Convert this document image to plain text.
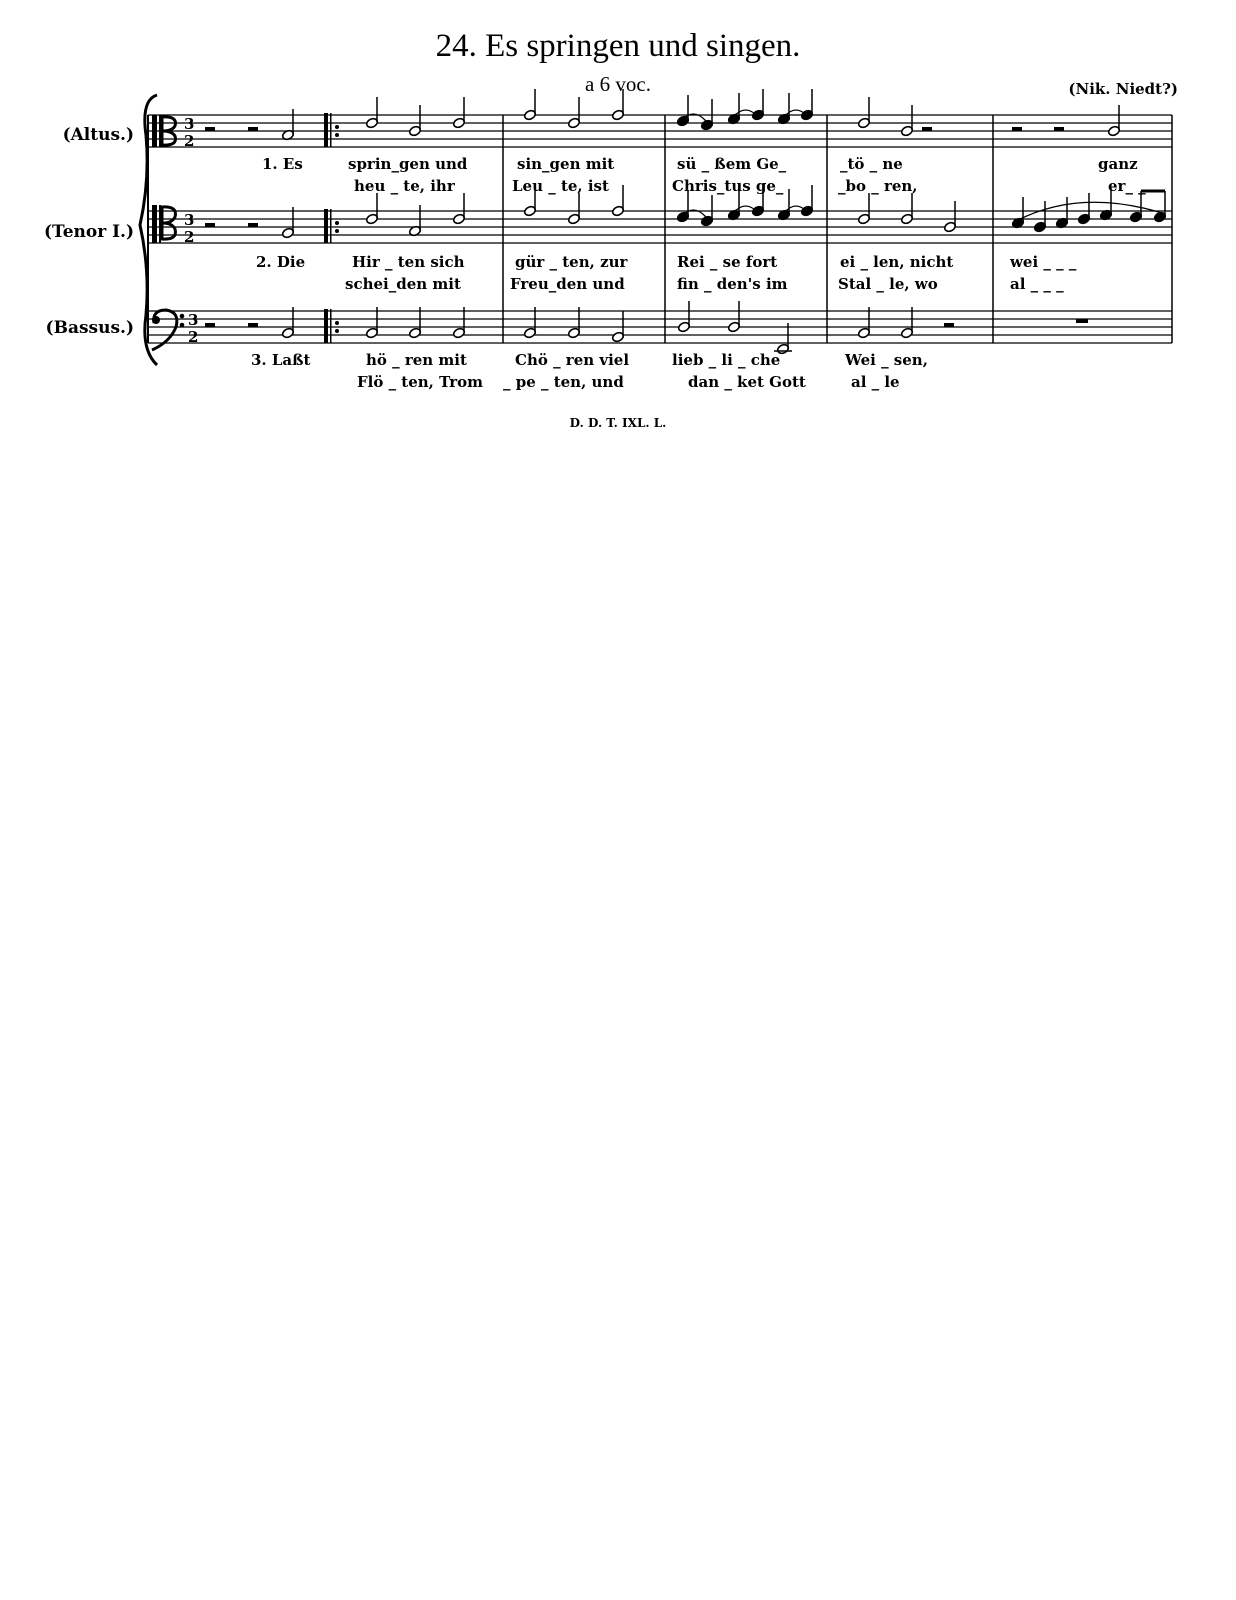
24. Es springen und singen.
a 6 voc.	(Nik. Niedt?)
(Altus.)
(Tenor I.)
(Bassus.)
3
2
3
2
3
2
1. Es	sprin_gen und	sin_gen mit	sü _ ßem Ge_	_tö _ ne	ganz
heu _ te, ihr	Leu _ te, ist	Chris_tus ge_	_bo _ ren,	er_ _
2. Die	Hir _ ten sich	gür _ ten, zur	Rei _ se fort	ei _ len, nicht	wei _ _ _
schei_den mit	Freu_den und	fin _ den's im	Stal _ le, wo	al _ _ _
3. Laßt	hö _ ren mit	Chö _ ren viel	lieb _ li _ che	Wei _ sen,
Flö _ ten, Trom _ pe _ ten, und	dan _ ket Gott	al _ le
D. D. T. IXL. L.
